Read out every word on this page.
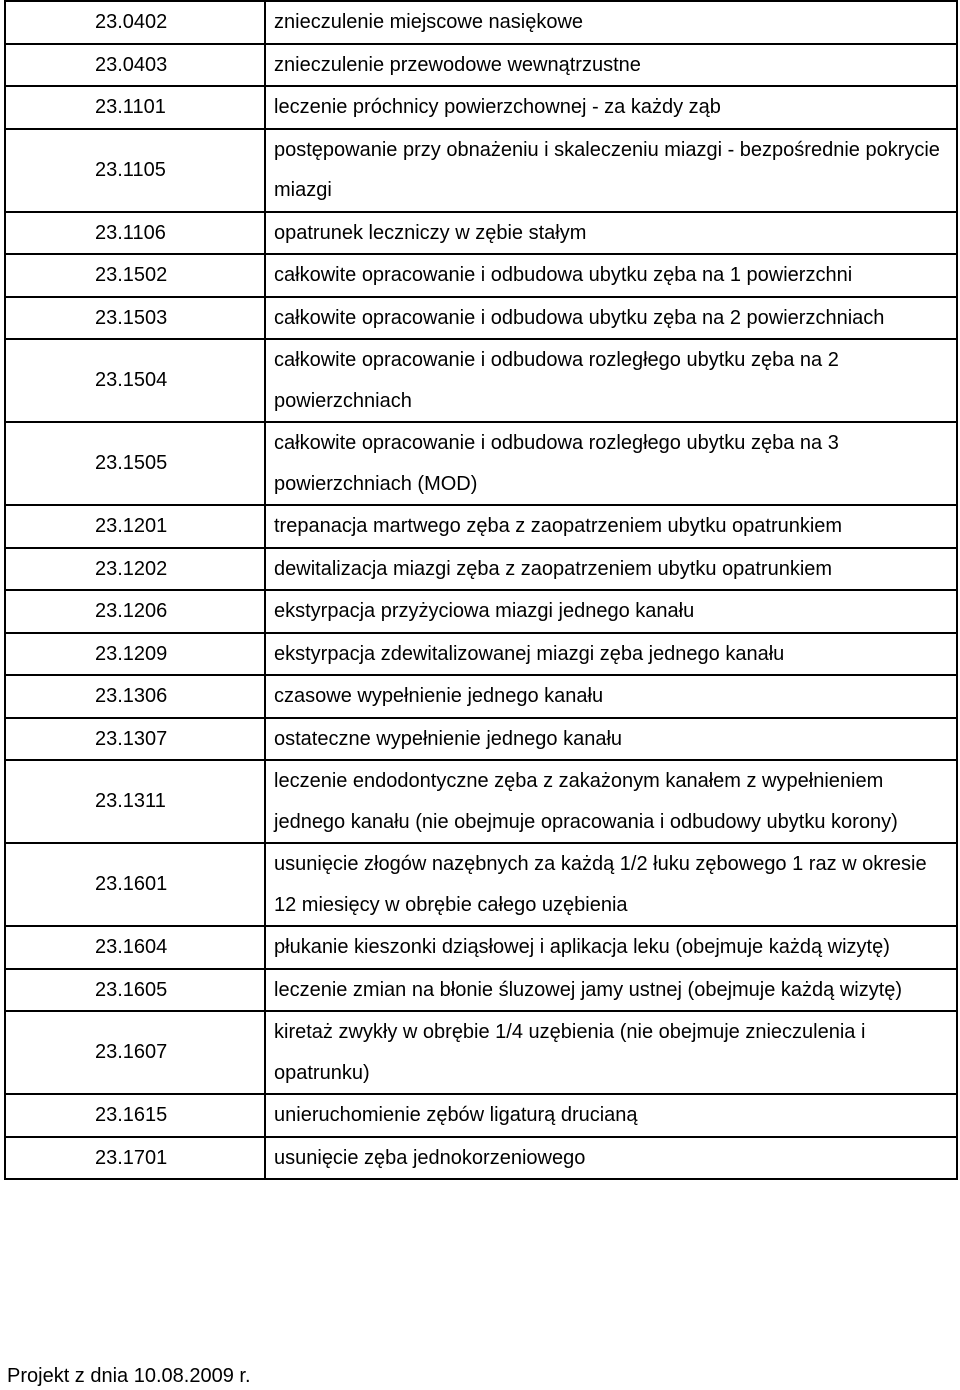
23.0402	znieczulenie miejscowe nasiękowe
23.0403	znieczulenie przewodowe wewnątrzustne
23.1101	leczenie próchnicy powierzchownej - za każdy ząb
23.1105	postępowanie przy obnażeniu i skaleczeniu miazgi - bezpośrednie pokrycie miazgi
23.1106	opatrunek leczniczy w zębie stałym
23.1502	całkowite opracowanie i odbudowa ubytku zęba na 1 powierzchni
23.1503	całkowite opracowanie i odbudowa ubytku zęba na 2 powierzchniach
23.1504	całkowite opracowanie i odbudowa rozległego ubytku zęba na 2 powierzchniach
23.1505	całkowite opracowanie i odbudowa rozległego ubytku zęba na 3 powierzchniach (MOD)
23.1201	trepanacja martwego zęba z zaopatrzeniem ubytku opatrunkiem
23.1202	dewitalizacja miazgi zęba z zaopatrzeniem ubytku opatrunkiem
23.1206	ekstyrpacja przyżyciowa miazgi jednego kanału
23.1209	ekstyrpacja zdewitalizowanej miazgi zęba jednego kanału
23.1306	czasowe wypełnienie jednego kanału
23.1307	ostateczne wypełnienie jednego kanału
23.1311	leczenie endodontyczne zęba z zakażonym kanałem z wypełnieniem jednego kanału (nie obejmuje opracowania i odbudowy ubytku korony)
23.1601	usunięcie złogów nazębnych za każdą 1/2 łuku zębowego 1 raz w okresie 12 miesięcy w obrębie całego uzębienia
23.1604	płukanie kieszonki dziąsłowej i aplikacja leku (obejmuje każdą wizytę)
23.1605	leczenie zmian na błonie śluzowej jamy ustnej (obejmuje każdą wizytę)
23.1607	kiretaż zwykły w obrębie 1/4 uzębienia (nie obejmuje znieczulenia i opatrunku)
23.1615	unieruchomienie zębów ligaturą drucianą
23.1701	usunięcie zęba jednokorzeniowego
Projekt z dnia 10.08.2009 r.
